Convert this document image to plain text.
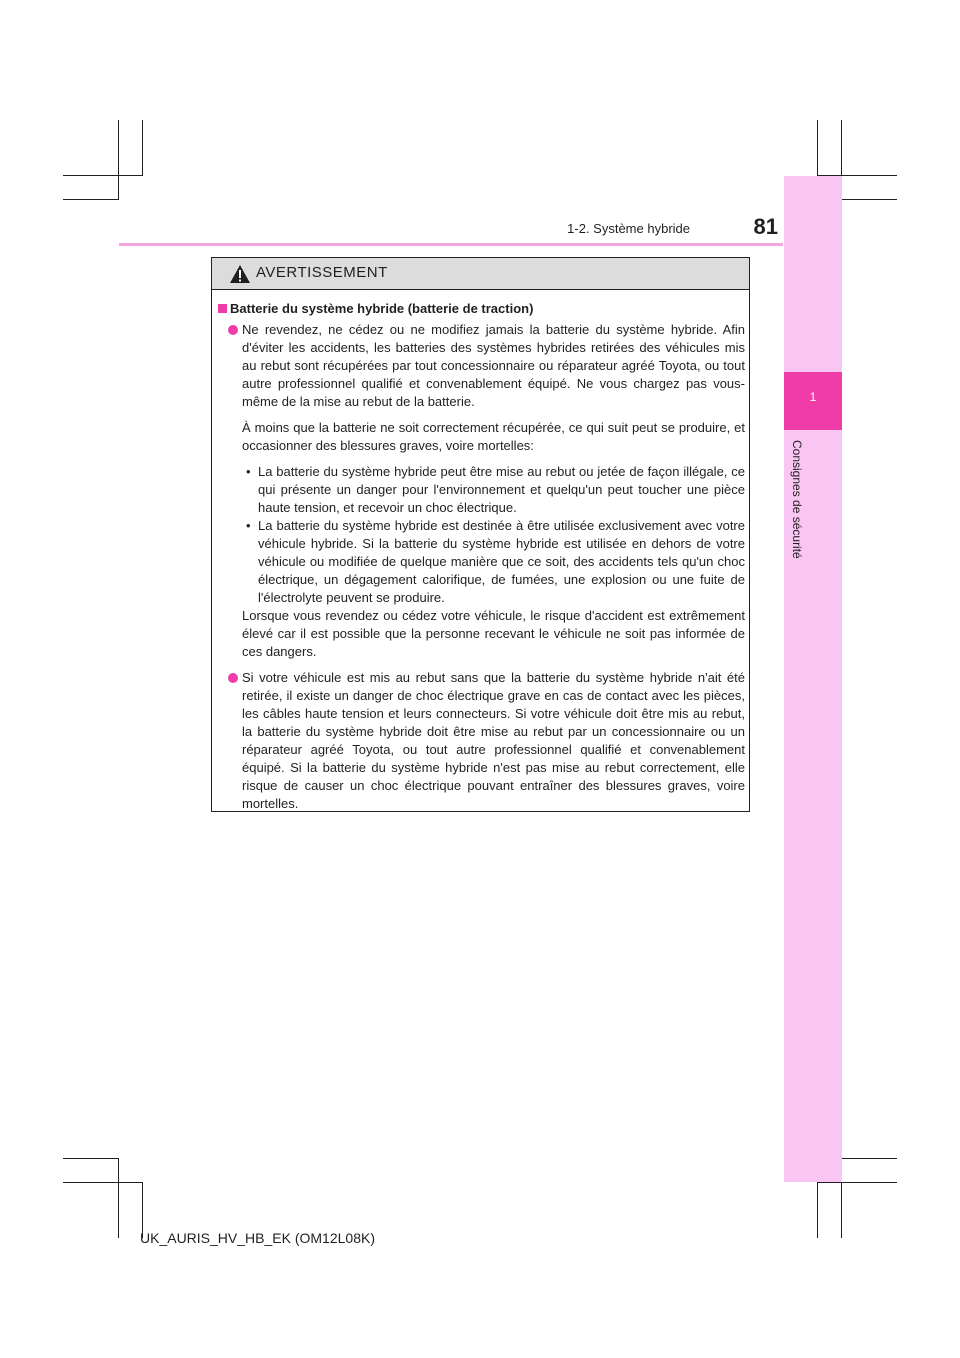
1
Consignes de sécurité
1-2. Système hybride	81
AVERTISSEMENT
Batterie du système hybride (batterie de traction)
Ne revendez, ne cédez ou ne modifiez jamais la batterie du système hybride. Afin d'éviter les accidents, les batteries des systèmes hybrides retirées des véhicules mis au rebut sont récupérées par tout concessionnaire ou réparateur agréé Toyota, ou tout autre professionnel qualifié et convenablement équipé. Ne vous chargez pas vous-même de la mise au rebut de la batterie.
À moins que la batterie ne soit correctement récupérée, ce qui suit peut se produire, et occasionner des blessures graves, voire mortelles:
• La batterie du système hybride peut être mise au rebut ou jetée de façon illégale, ce qui présente un danger pour l'environnement et quelqu'un peut toucher une pièce haute tension, et recevoir un choc électrique.
• La batterie du système hybride est destinée à être utilisée exclusivement avec votre véhicule hybride. Si la batterie du système hybride est utilisée en dehors de votre véhicule ou modifiée de quelque manière que ce soit, des accidents tels qu'un choc électrique, un dégagement calorifique, de fumées, une explosion ou une fuite de l'électrolyte peuvent se produire.
Lorsque vous revendez ou cédez votre véhicule, le risque d'accident est extrêmement élevé car il est possible que la personne recevant le véhicule ne soit pas informée de ces dangers.
Si votre véhicule est mis au rebut sans que la batterie du système hybride n'ait été retirée, il existe un danger de choc électrique grave en cas de contact avec les pièces, les câbles haute tension et leurs connecteurs. Si votre véhicule doit être mis au rebut, la batterie du système hybride doit être mise au rebut par un concessionnaire ou un réparateur agréé Toyota, ou tout autre professionnel qualifié et convenablement équipé. Si la batterie du système hybride n'est pas mise au rebut correctement, elle risque de causer un choc électrique pouvant entraîner des blessures graves, voire mortelles.
UK_AURIS_HV_HB_EK (OM12L08K)
